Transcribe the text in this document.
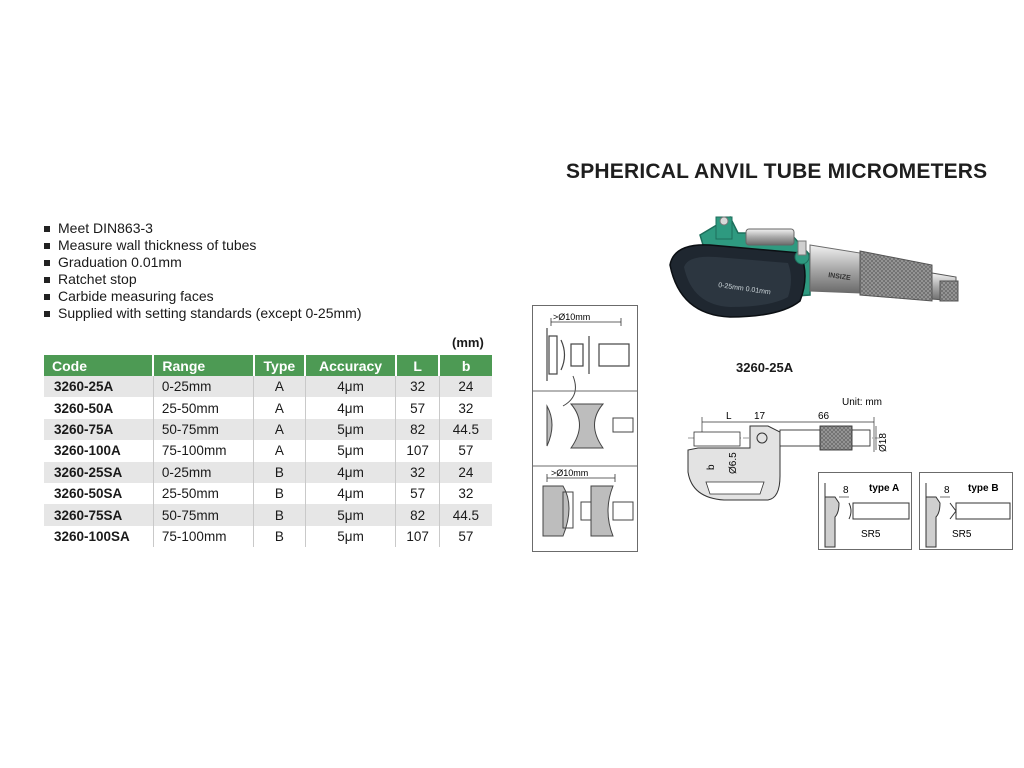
SPHERICAL ANVIL TUBE MICROMETERS
Meet DIN863-3
Measure wall thickness of tubes
Graduation 0.01mm
Ratchet stop
Carbide measuring faces
Supplied with setting standards (except 0-25mm)
(mm)
Code	Range	Type	Accuracy	L	b
3260-25A	0-25mm	A	4μm	32	24
3260-50A	25-50mm	A	4μm	57	32
3260-75A	50-75mm	A	5μm	82	44.5
3260-100A	75-100mm	A	5μm	107	57
3260-25SA	0-25mm	B	4μm	32	24
3260-50SA	25-50mm	B	4μm	57	32
3260-75SA	50-75mm	B	5μm	82	44.5
3260-100SA	75-100mm	B	5μm	107	57
>Ø10mm
>Ø10mm
0-25mm 0.01mm
INSIZE
3260-25A
Unit: mm
L 17	66
b Ø6.5
Ø18
type A
8
SR5
type B
8
SR5
